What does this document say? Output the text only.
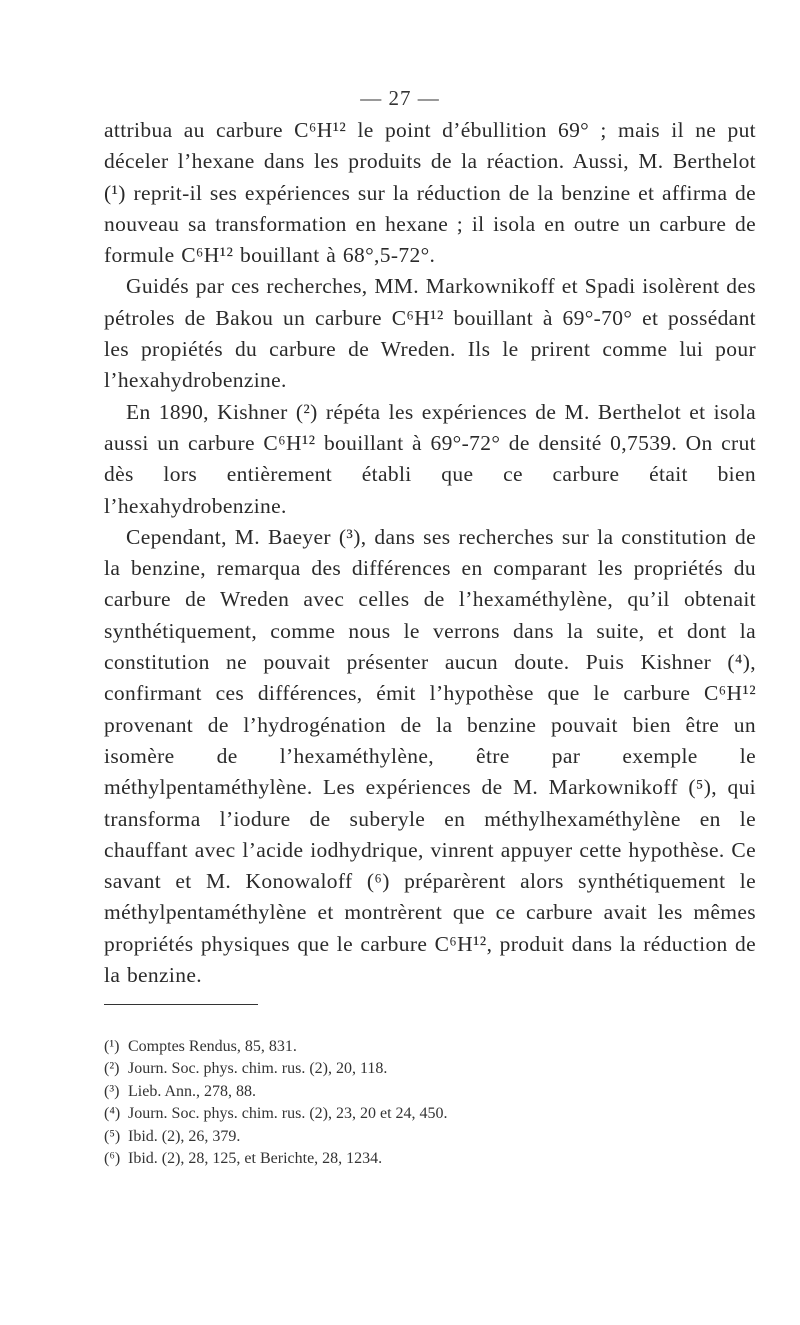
— 27 —

attribua au carbure C⁶H¹² le point d’ébullition 69° ; mais il ne put déceler l’hexane dans les produits de la réaction. Aussi, M. Berthelot (¹) reprit-il ses expériences sur la réduction de la benzine et affirma de nouveau sa transformation en hexane ; il isola en outre un carbure de formule C⁶H¹² bouillant à 68°,5-72°.

Guidés par ces recherches, MM. Markownikoff et Spadi isolèrent des pétroles de Bakou un carbure C⁶H¹² bouillant à 69°-70° et possédant les propiétés du carbure de Wreden. Ils le prirent comme lui pour l’hexahydrobenzine.

En 1890, Kishner (²) répéta les expériences de M. Berthelot et isola aussi un carbure C⁶H¹² bouillant à 69°-72° de densité 0,7539. On crut dès lors entièrement établi que ce carbure était bien l’hexahydrobenzine.

Cependant, M. Baeyer (³), dans ses recherches sur la constitution de la benzine, remarqua des différences en comparant les propriétés du carbure de Wreden avec celles de l’hexaméthylène, qu’il obtenait synthétiquement, comme nous le verrons dans la suite, et dont la constitution ne pouvait présenter aucun doute. Puis Kishner (⁴), confirmant ces différences, émit l’hypothèse que le carbure C⁶H¹² provenant de l’hydrogénation de la benzine pouvait bien être un isomère de l’hexaméthylène, être par exemple le méthylpentaméthylène. Les expériences de M. Markownikoff (⁵), qui transforma l’iodure de suberyle en méthylhexaméthylène en le chauffant avec l’acide iodhydrique, vinrent appuyer cette hypothèse. Ce savant et M. Konowaloff (⁶) préparèrent alors synthétiquement le méthylpentaméthylène et montrèrent que ce carbure avait les mêmes propriétés physiques que le carbure C⁶H¹², produit dans la réduction de la benzine.

(¹) Comptes Rendus, 85, 831.
(²) Journ. Soc. phys. chim. rus. (2), 20, 118.
(³) Lieb. Ann., 278, 88.
(⁴) Journ. Soc. phys. chim. rus. (2), 23, 20 et 24, 450.
(⁵) Ibid. (2), 26, 379.
(⁶) Ibid. (2), 28, 125, et Berichte, 28, 1234.
